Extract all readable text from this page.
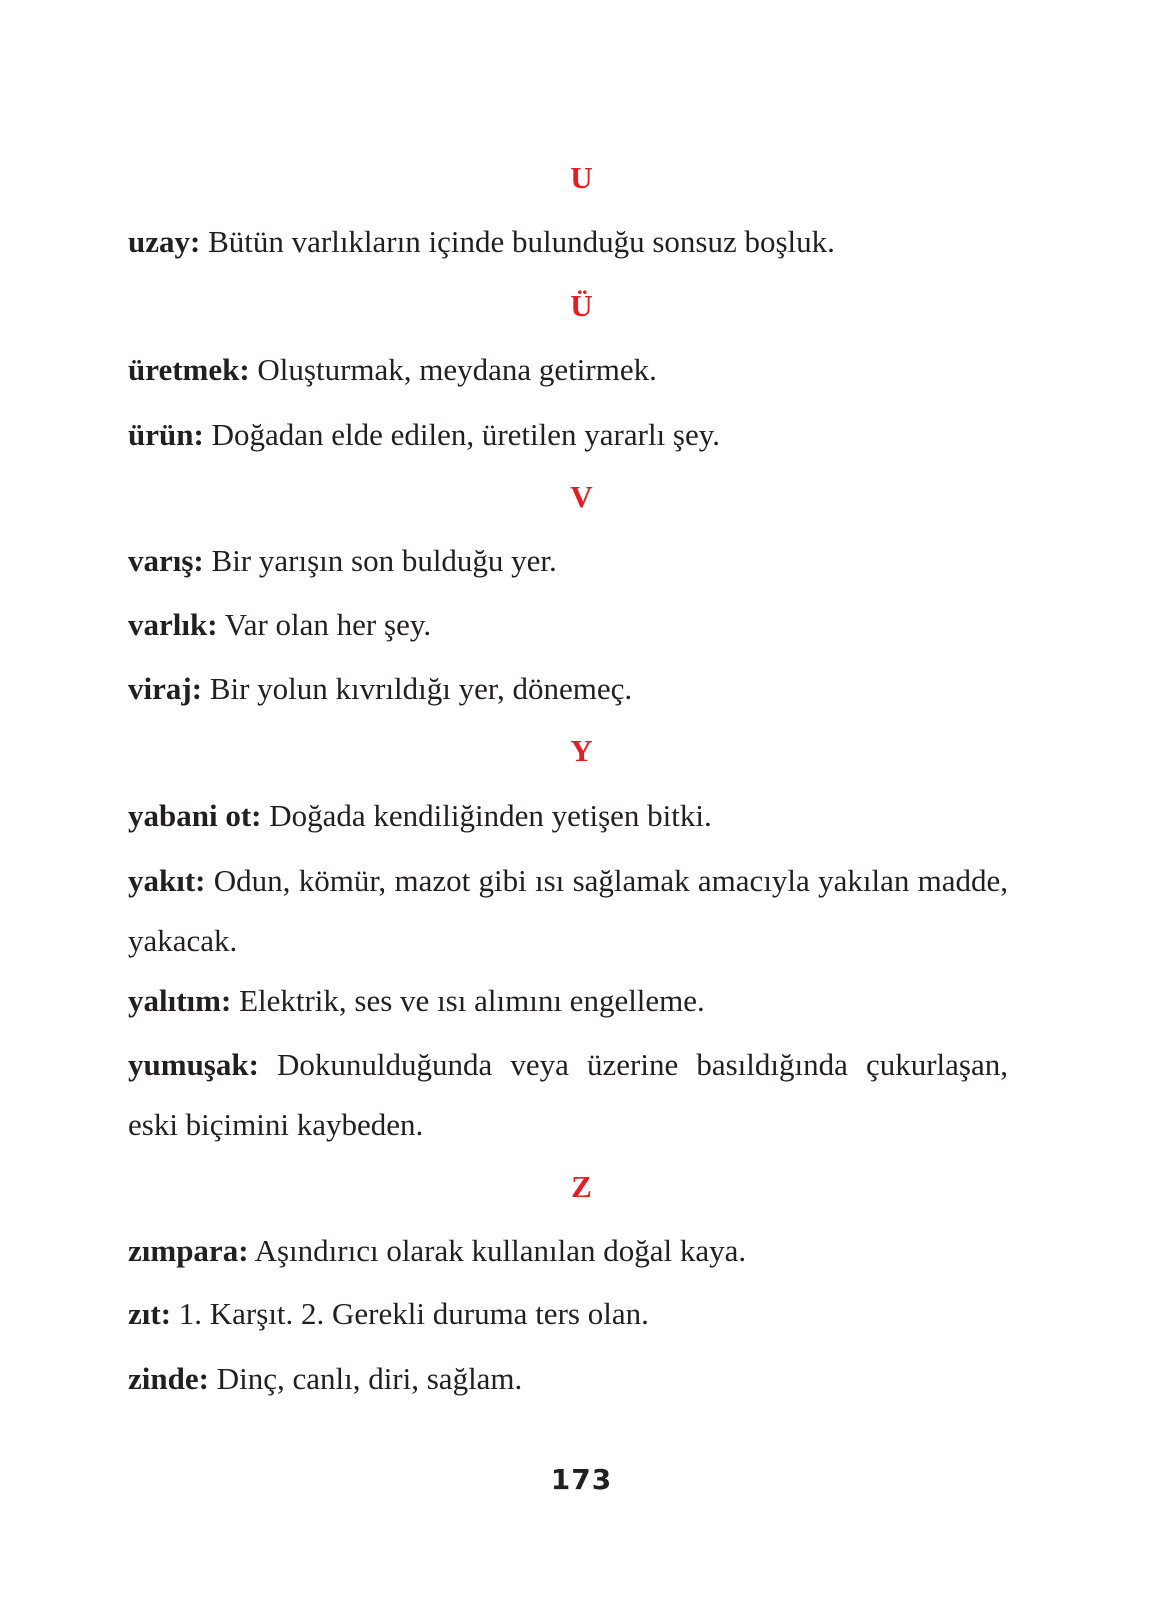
U

uzay: Bütün varlıkların içinde bulunduğu sonsuz boşluk.

Ü

üretmek: Oluşturmak, meydana getirmek.

ürün: Doğadan elde edilen, üretilen yararlı şey.

V

varış: Bir yarışın son bulduğu yer.

varlık: Var olan her şey.

viraj: Bir yolun kıvrıldığı yer, dönemeç.

Y

yabani ot: Doğada kendiliğinden yetişen bitki.

yakıt: Odun, kömür, mazot gibi ısı sağlamak amacıyla yakılan madde, yakacak.

yalıtım: Elektrik, ses ve ısı alımını engelleme.

yumuşak: Dokunulduğunda veya üzerine basıldığında çukurlaşan, eski biçimini kaybeden.

Z

zımpara: Aşındırıcı olarak kullanılan doğal kaya.

zıt: 1. Karşıt. 2. Gerekli duruma ters olan.

zinde: Dinç, canlı, diri, sağlam.

173
